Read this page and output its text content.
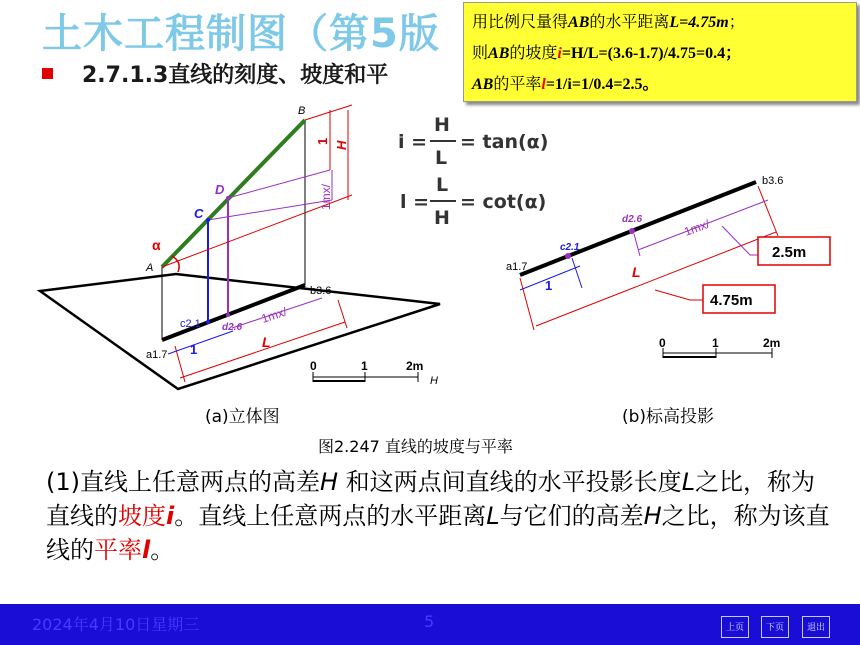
土木工程制图（第5版
2.7.1.3直线的刻度、坡度和平
用比例尺量得AB的水平距离L=4.75m；
则AB的坡度i=H/L=(3.6-1.7)/4.75=0.4；
AB的平率l=1/i=1/0.4=2.5。
B
D
C
A
α
b3.6
c2.1 d2.6
a1.7
1mx/
L
1
H
1
1mx/
0	1	2m
H
i =
H
L
= tan(α)
l =
L
H
= cot(α)
b3.6
d2.6
c2.1
a1.7
1mx/
L
1
2.5m
4.75m
0	1	2m
(a)立体图	(b)标高投影
图2.247 直线的坡度与平率
(1)直线上任意两点的高差H 和这两点间直线的水平投影长度L之比，称为直线的坡度i。直线上任意两点的水平距离L与它们的高差H之比，称为该直线的平率l。
2024年4月10日星期三	5	上页	下页	退出
